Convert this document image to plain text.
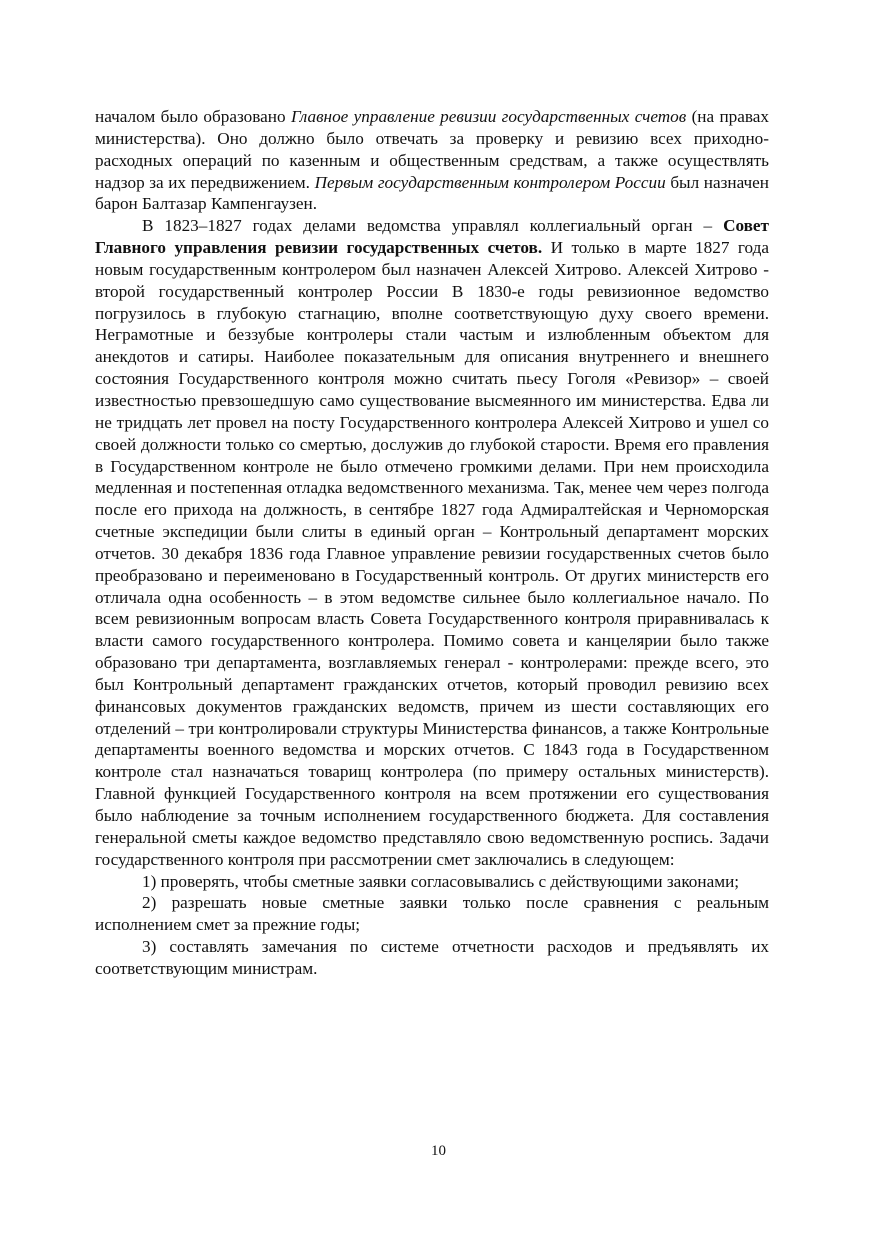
началом было образовано Главное управление ревизии государственных счетов (на правах министерства). Оно должно было отвечать за проверку и ревизию всех приходно-расходных операций по казенным и общественным средствам, а также осуществлять надзор за их передвижением. Первым государственным контролером России был назначен барон Балтазар Кампенгаузен.

В 1823–1827 годах делами ведомства управлял коллегиальный орган – Совет Главного управления ревизии государственных счетов. И только в марте 1827 года новым государственным контролером был назначен Алексей Хитрово. Алексей Хитрово - второй государственный контролер России В 1830-е годы ревизионное ведомство погрузилось в глубокую стагнацию, вполне соответствующую духу своего времени. Неграмотные и беззубые контролеры стали частым и излюбленным объектом для анекдотов и сатиры. Наиболее показательным для описания внутреннего и внешнего состояния Государственного контроля можно считать пьесу Гоголя «Ревизор» – своей известностью превзошедшую само существование высмеянного им министерства. Едва ли не тридцать лет провел на посту Государственного контролера Алексей Хитрово и ушел со своей должности только со смертью, дослужив до глубокой старости. Время его правления в Государственном контроле не было отмечено громкими делами. При нем происходила медленная и постепенная отладка ведомственного механизма. Так, менее чем через полгода после его прихода на должность, в сентябре 1827 года Адмиралтейская и Черноморская счетные экспедиции были слиты в единый орган – Контрольный департамент морских отчетов. 30 декабря 1836 года Главное управление ревизии государственных счетов было преобразовано и переименовано в Государственный контроль. От других министерств его отличала одна особенность – в этом ведомстве сильнее было коллегиальное начало. По всем ревизионным вопросам власть Совета Государственного контроля приравнивалась к власти самого государственного контролера. Помимо совета и канцелярии было также образовано три департамента, возглавляемых генерал - контролерами: прежде всего, это был Контрольный департамент гражданских отчетов, который проводил ревизию всех финансовых документов гражданских ведомств, причем из шести составляющих его отделений – три контролировали структуры Министерства финансов, а также Контрольные департаменты военного ведомства и морских отчетов. С 1843 года в Государственном контроле стал назначаться товарищ контролера (по примеру остальных министерств). Главной функцией Государственного контроля на всем протяжении его существования было наблюдение за точным исполнением государственного бюджета. Для составления генеральной сметы каждое ведомство представляло свою ведомственную роспись. Задачи государственного контроля при рассмотрении смет заключались в следующем:

1) проверять, чтобы сметные заявки согласовывались с действующими законами;

2) разрешать новые сметные заявки только после сравнения с реальным исполнением смет за прежние годы;

3) составлять замечания по системе отчетности расходов и предъявлять их соответствующим министрам.

10
